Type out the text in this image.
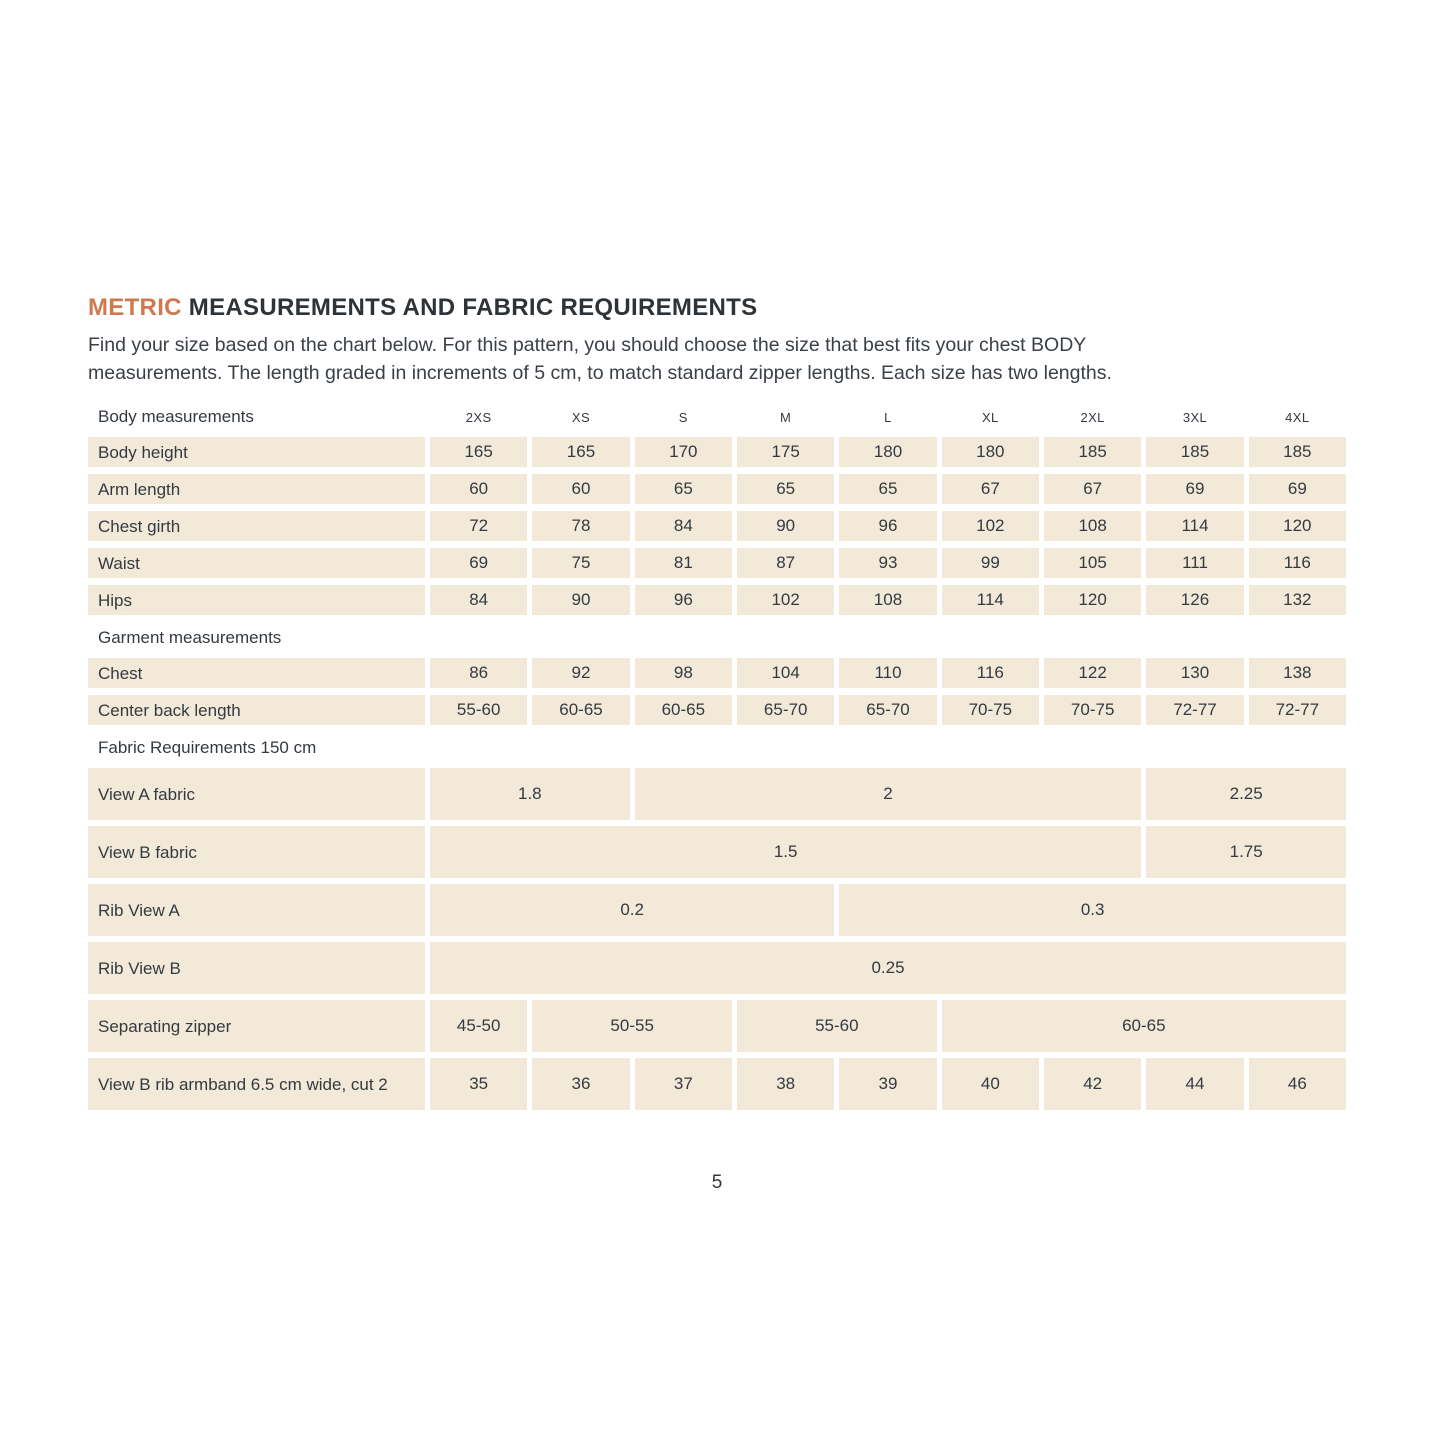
METRIC MEASUREMENTS AND FABRIC REQUIREMENTS

Find your size based on the chart below. For this pattern, you should choose the size that best fits your chest BODY
measurements. The length graded in increments of 5 cm, to match standard zipper lengths. Each size has two lengths.

Body measurements	2XS	XS	S	M	L	XL	2XL	3XL	4XL
Body height	165	165	170	175	180	180	185	185	185
Arm length	60	60	65	65	65	67	67	69	69
Chest girth	72	78	84	90	96	102	108	114	120
Waist	69	75	81	87	93	99	105	111	116
Hips	84	90	96	102	108	114	120	126	132
Garment measurements
Chest	86	92	98	104	110	116	122	130	138
Center back length	55-60	60-65	60-65	65-70	65-70	70-75	70-75	72-77	72-77
Fabric Requirements 150 cm
View A fabric	1.8	2	2.25
View B fabric	1.5	1.75
Rib View A	0.2	0.3
Rib View B	0.25
Separating zipper	45-50	50-55	55-60	60-65
View B rib armband 6.5 cm wide, cut 2	35	36	37	38	39	40	42	44	46
5
